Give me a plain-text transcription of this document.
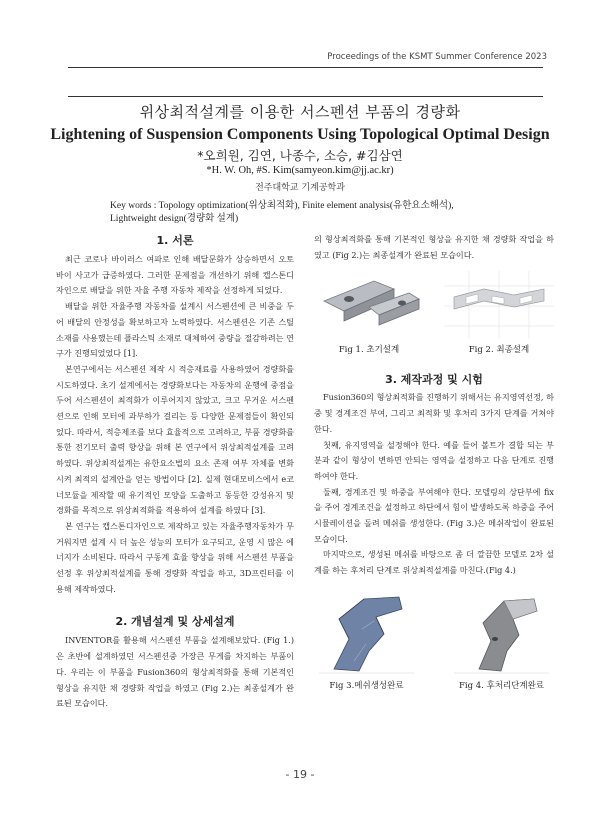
Proceedings of the KSMT Summer Conference 2023
위상최적설계를 이용한 서스펜션 부품의 경량화
Lightening of Suspension Components Using Topological Optimal Design
*오희원, 김연, 나종수, 소승, #김삼연
*H. W. Oh, #S. Kim(samyeon.kim@jj.ac.kr)
전주대학교 기계공학과
Key words : Topology optimization(위상최적화), Finite element analysis(유한요소해석), Lightweight design(경량화 설계)
1. 서론

최근 코로나 바이러스 여파로 인해 배달문화가 상승하면서 오토바이 사고가 급증하였다. 그러한 문제점을 개선하기 위해 캡스톤디자인으로 배달을 위한 자율 주행 자동차 제작을 선정하게 되었다.

배달을 위한 자율주행 자동차를 설계시 서스펜션에 큰 비중을 두어 배달의 안정성을 확보하고자 노력하였다. 서스펜션은 기존 스틸소재를 사용했는데 플라스틱 소재로 대체하여 중량을 절감하려는 연구가 진행되었었다 [1].

본연구에서는 서스펜션 제작 시 적층재료를 사용하였어 경량화를 시도하였다. 초기 설계에서는 경량화보다는 자동차의 운행에 중점을 두어 서스펜션이 최적화가 이루어지지 않았고, 크고 무거운 서스펜션으로 인해 모터에 과부하가 걸리는 등 다양한 문제점들이 확인되었다. 따라서, 적층제조를 보다 효율적으로 고려하고, 부품 경량화를 통한 전기모터 출력 향상을 위해 본 연구에서 위상최적설계를 고려하였다. 위상최적설계는 유한요소법의 요소 존재 여부 자체를 변화시켜 최적의 설계안을 얻는 방법이다 [2]. 실제 현대모비스에서 e코너모듈을 제작할 때 유기적인 모양을 도출하고 동등한 강성유지 및 경화를 목적으로 위상최적화를 적용하여 설계를 하였다 [3].

본 연구는 캡스톤디자인으로 제작하고 있는 자율주행자동차가 무거워지면 설계 시 더 높은 성능의 모터가 요구되고, 운영 시 많은 에너지가 소비된다. 따라서 구동계 효율 향상을 위해 서스펜션 부품을 선정 후 위상최적설계를 통해 경량화 작업을 하고, 3D프린터를 이용해 제작하였다.

2. 개념설계 및 상세설계

INVENTOR를 활용해 서스펜션 부품을 설계해보았다. (Fig 1.)은 초반에 설계하였던 서스펜션중 가장큰 무게를 차지하는 부품이다. 우리는 이 부품을 Fusion360의 형상최적화를 통해 기본적인 형상을 유지한 채 경량화 작업을 하였고 (Fig 2.)는 최종설계가 완료된 모습이다.

의 형상최적화를 통해 기본적인 형상을 유지한 채 경량화 작업을 하였고 (Fig 2.)는 최종설계가 완료된 모습이다.

Fig 1. 초기설계	Fig 2. 최종설계
3. 제작과정 및 시험

Fusion360의 형상최적화를 진행하기 위해서는 유지영역선정, 하중 및 경계조건 부여, 그리고 최적화 및 후처리 3가지 단계를 거쳐야 한다.

첫째, 유지영역을 설정해야 한다. 예를 들어 볼트가 결합 되는 부분과 같이 형상이 변하면 안되는 영역을 설정하고 다음 단계로 진행하여야 한다.

둘째, 경계조건 및 하중을 부여해야 한다. 모델링의 상단부에 fix을 주어 경계조건을 설정하고 하단에서 힘이 발생하도록 하중을 주어 시뮬레이션을 돌려 메쉬를 생성한다. (Fig 3.)은 메쉬작업이 완료된 모습이다.

마지막으로, 생성된 메쉬를 바탕으로 좀 더 깔끔한 모델로 2차 설계를 하는 후처리 단계로 위상최적설계를 마친다.(Fig 4.)

Fig 3.메쉬생성완료	Fig 4. 후처리단계완료
- 19 -
